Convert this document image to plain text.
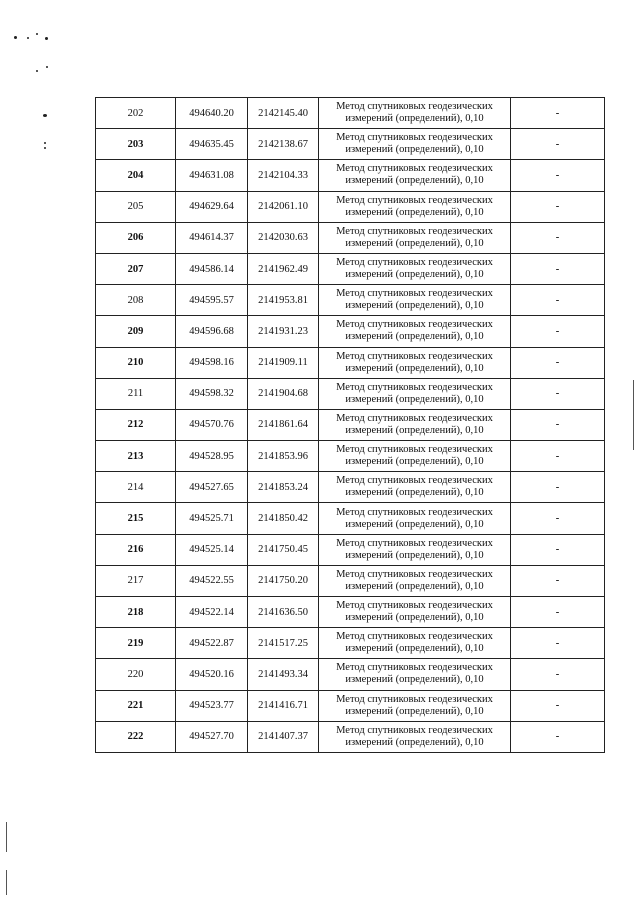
202	494640.20	2142145.40	Метод спутниковых геодезических
измерений (определений), 0,10	-
203	494635.45	2142138.67	Метод спутниковых геодезических
измерений (определений), 0,10	-
204	494631.08	2142104.33	Метод спутниковых геодезических
измерений (определений), 0,10	-
205	494629.64	2142061.10	Метод спутниковых геодезических
измерений (определений), 0,10	-
206	494614.37	2142030.63	Метод спутниковых геодезических
измерений (определений), 0,10	-
207	494586.14	2141962.49	Метод спутниковых геодезических
измерений (определений), 0,10	-
208	494595.57	2141953.81	Метод спутниковых геодезических
измерений (определений), 0,10	-
209	494596.68	2141931.23	Метод спутниковых геодезических
измерений (определений), 0,10	-
210	494598.16	2141909.11	Метод спутниковых геодезических
измерений (определений), 0,10	-
211	494598.32	2141904.68	Метод спутниковых геодезических
измерений (определений), 0,10	-
212	494570.76	2141861.64	Метод спутниковых геодезических
измерений (определений), 0,10	-
213	494528.95	2141853.96	Метод спутниковых геодезических
измерений (определений), 0,10	-
214	494527.65	2141853.24	Метод спутниковых геодезических
измерений (определений), 0,10	-
215	494525.71	2141850.42	Метод спутниковых геодезических
измерений (определений), 0,10	-
216	494525.14	2141750.45	Метод спутниковых геодезических
измерений (определений), 0,10	-
217	494522.55	2141750.20	Метод спутниковых геодезических
измерений (определений), 0,10	-
218	494522.14	2141636.50	Метод спутниковых геодезических
измерений (определений), 0,10	-
219	494522.87	2141517.25	Метод спутниковых геодезических
измерений (определений), 0,10	-
220	494520.16	2141493.34	Метод спутниковых геодезических
измерений (определений), 0,10	-
221	494523.77	2141416.71	Метод спутниковых геодезических
измерений (определений), 0,10	-
222	494527.70	2141407.37	Метод спутниковых геодезических
измерений (определений), 0,10	-
